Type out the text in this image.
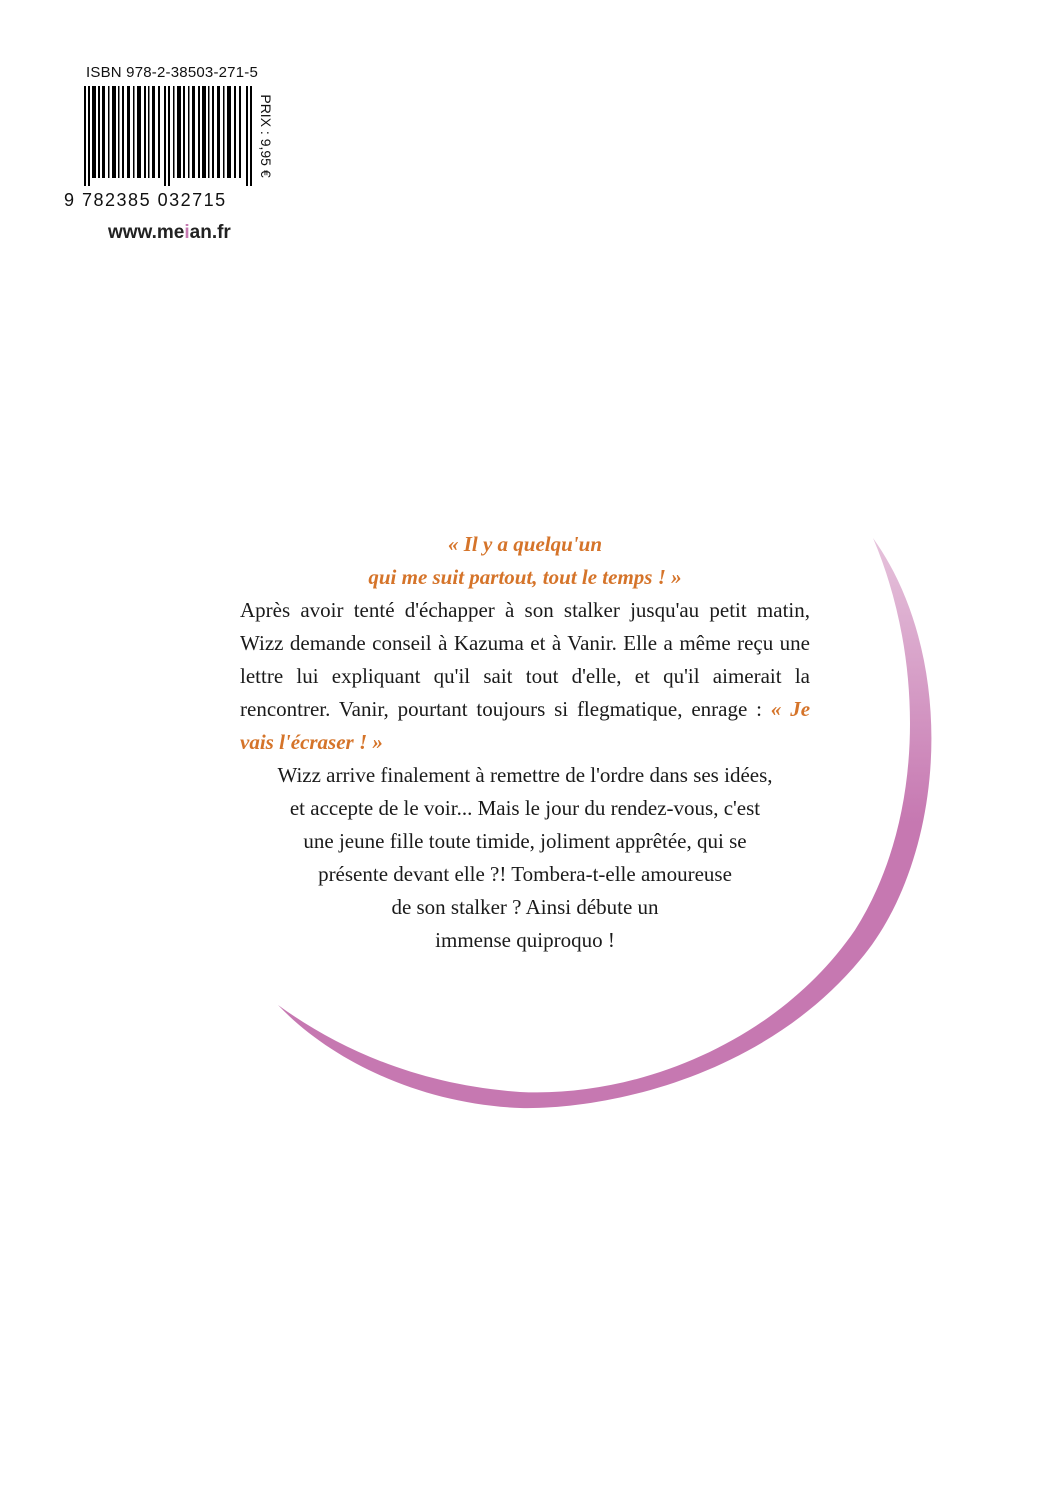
ISBN 978-2-38503-271-5
9 782385 032715
PRIX : 9,95 €
www.meian.fr
« Il y a quelqu'un
qui me suit partout, tout le temps ! »

Après avoir tenté d'échapper à son stalker jusqu'au petit matin, Wizz demande conseil à Kazuma et à Vanir. Elle a même reçu une lettre lui expliquant qu'il sait tout d'elle, et qu'il aimerait la rencontrer. Vanir, pourtant toujours si flegmatique, enrage : « Je vais l'écraser ! »

Wizz arrive finalement à remettre de l'ordre dans ses idées,

et accepte de le voir... Mais le jour du rendez-vous, c'est

une jeune fille toute timide, joliment apprêtée, qui se

présente devant elle ?! Tombera-t-elle amoureuse

de son stalker ? Ainsi débute un

immense quiproquo !
